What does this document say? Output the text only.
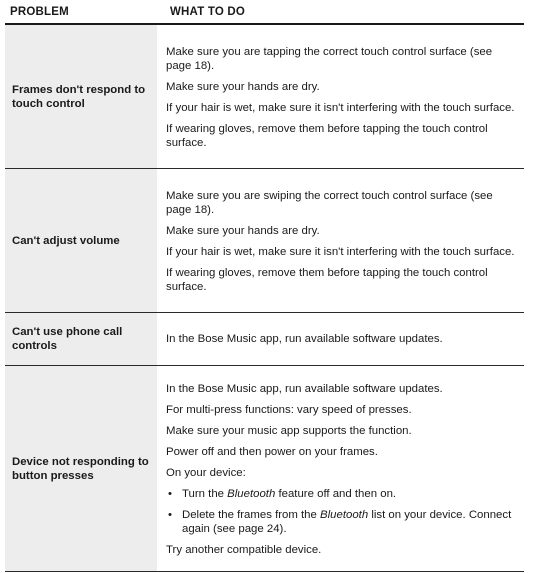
PROBLEM	WHAT TO DO
Frames don't respond to touch control

Make sure you are tapping the correct touch control surface (see page 18).

Make sure your hands are dry.

If your hair is wet, make sure it isn't interfering with the touch surface.

If wearing gloves, remove them before tapping the touch control surface.

Can't adjust volume

Make sure you are swiping the correct touch control surface (see page 18).

Make sure your hands are dry.

If your hair is wet, make sure it isn't interfering with the touch surface.

If wearing gloves, remove them before tapping the touch control surface.

Can't use phone call controls

In the Bose Music app, run available software updates.

Device not responding to button presses

In the Bose Music app, run available software updates.

For multi-press functions: vary speed of presses.

Make sure your music app supports the function.

Power off and then power on your frames.

On your device:

• Turn the Bluetooth feature off and then on.
• Delete the frames from the Bluetooth list on your device. Connect again (see page 24).

Try another compatible device.
